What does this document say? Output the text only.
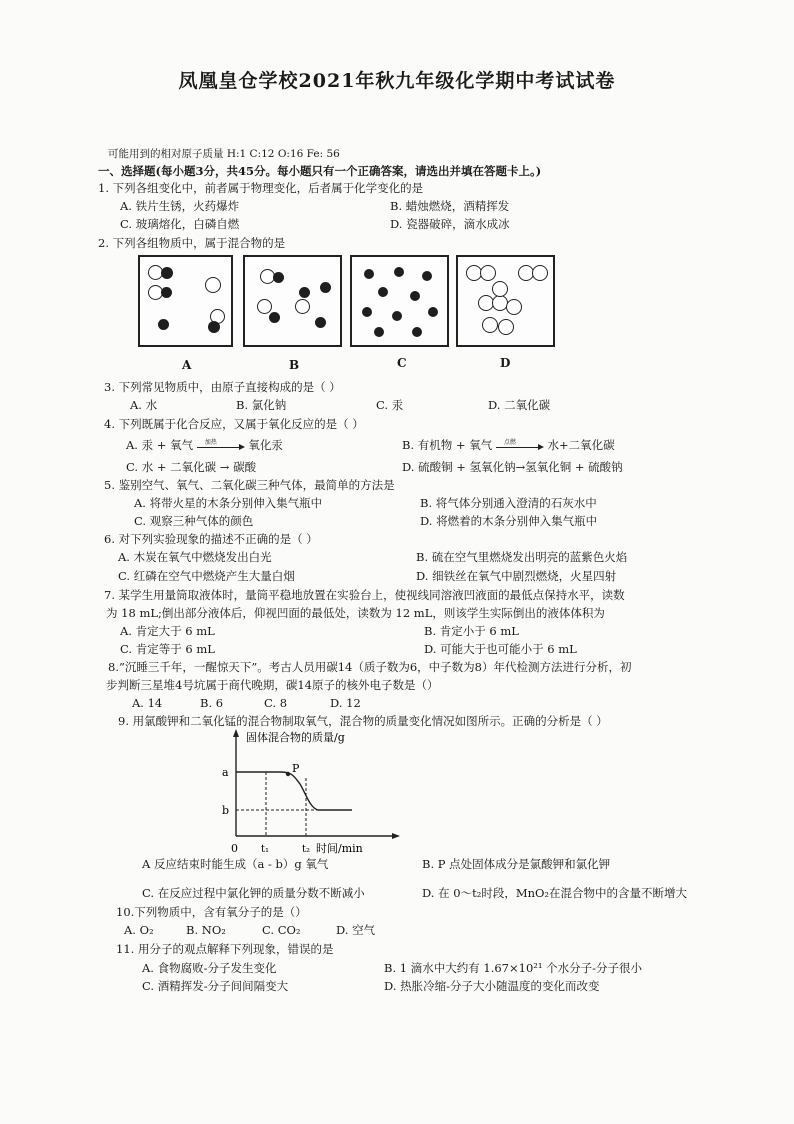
凤凰皇仓学校2021年秋九年级化学期中考试试卷
可能用到的相对原子质量 H:1 C:12 O:16 Fe: 56
一、选择题(每小题3分，共45分。每小题只有一个正确答案，请选出并填在答题卡上。)
1. 下列各组变化中，前者属于物理变化，后者属于化学变化的是
A. 铁片生锈，火药爆炸	B. 蜡烛燃烧，酒精挥发
C. 玻璃熔化，白磷自燃	D. 瓷器破碎，滴水成冰
2. 下列各组物质中，属于混合物的是
A	B	C	D
3. 下列常见物质中，由原子直接构成的是（ ）
A. 水	B. 氯化钠	C. 汞	D. 二氧化碳
4. 下列既属于化合反应，又属于氧化反应的是（ ）
A. 汞 + 氧气 加热	氧化汞	B. 有机物 + 氧气 点燃	水+二氧化碳
C. 水 + 二氧化碳 → 碳酸	D. 硫酸铜 + 氢氧化钠→氢氧化铜 + 硫酸钠
5. 鉴别空气、氧气、二氧化碳三种气体，最简单的方法是
A. 将带火星的木条分别伸入集气瓶中	B. 将气体分别通入澄清的石灰水中
C. 观察三种气体的颜色	D. 将燃着的木条分别伸入集气瓶中
6. 对下列实验现象的描述不正确的是（ ）
A. 木炭在氧气中燃烧发出白光	B. 硫在空气里燃烧发出明亮的蓝紫色火焰
C. 红磷在空气中燃烧产生大量白烟	D. 细铁丝在氧气中剧烈燃烧，火星四射
7. 某学生用量筒取液体时，量筒平稳地放置在实验台上，使视线同溶液凹液面的最低点保持水平，读数
为 18 mL;倒出部分液体后，仰视凹面的最低处，读数为 12 mL，则该学生实际倒出的液体体积为
A. 肯定大于 6 mL	B. 肯定小于 6 mL
C. 肯定等于 6 mL	D. 可能大于也可能小于 6 mL
8.”沉睡三千年，一醒惊天下”。考古人员用碳14（质子数为6，中子数为8）年代检测方法进行分析，初
步判断三星堆4号坑属于商代晚期，碳14原子的核外电子数是（）
A. 14	B. 6	C. 8	D. 12
9. 用氯酸钾和二氧化锰的混合物制取氧气，混合物的质量变化情况如图所示。正确的分析是（ ）
固体混合物的质量/g
a
b
P
0 t₁	t₂ 时间/min
A 反应结束时能生成（a - b）g 氧气	B. P 点处固体成分是氯酸钾和氯化钾
C. 在反应过程中氯化钾的质量分数不断减小	D. 在 0～t₂时段，MnO₂在混合物中的含量不断增大
10.下列物质中，含有氧分子的是（）
A. O₂	B. NO₂	C. CO₂	D. 空气
11. 用分子的观点解释下列现象，错误的是
A. 食物腐败-分子发生变化	B. 1 滴水中大约有 1.67×10²¹ 个水分子-分子很小
C. 酒精挥发-分子间间隔变大	D. 热胀冷缩-分子大小随温度的变化而改变
